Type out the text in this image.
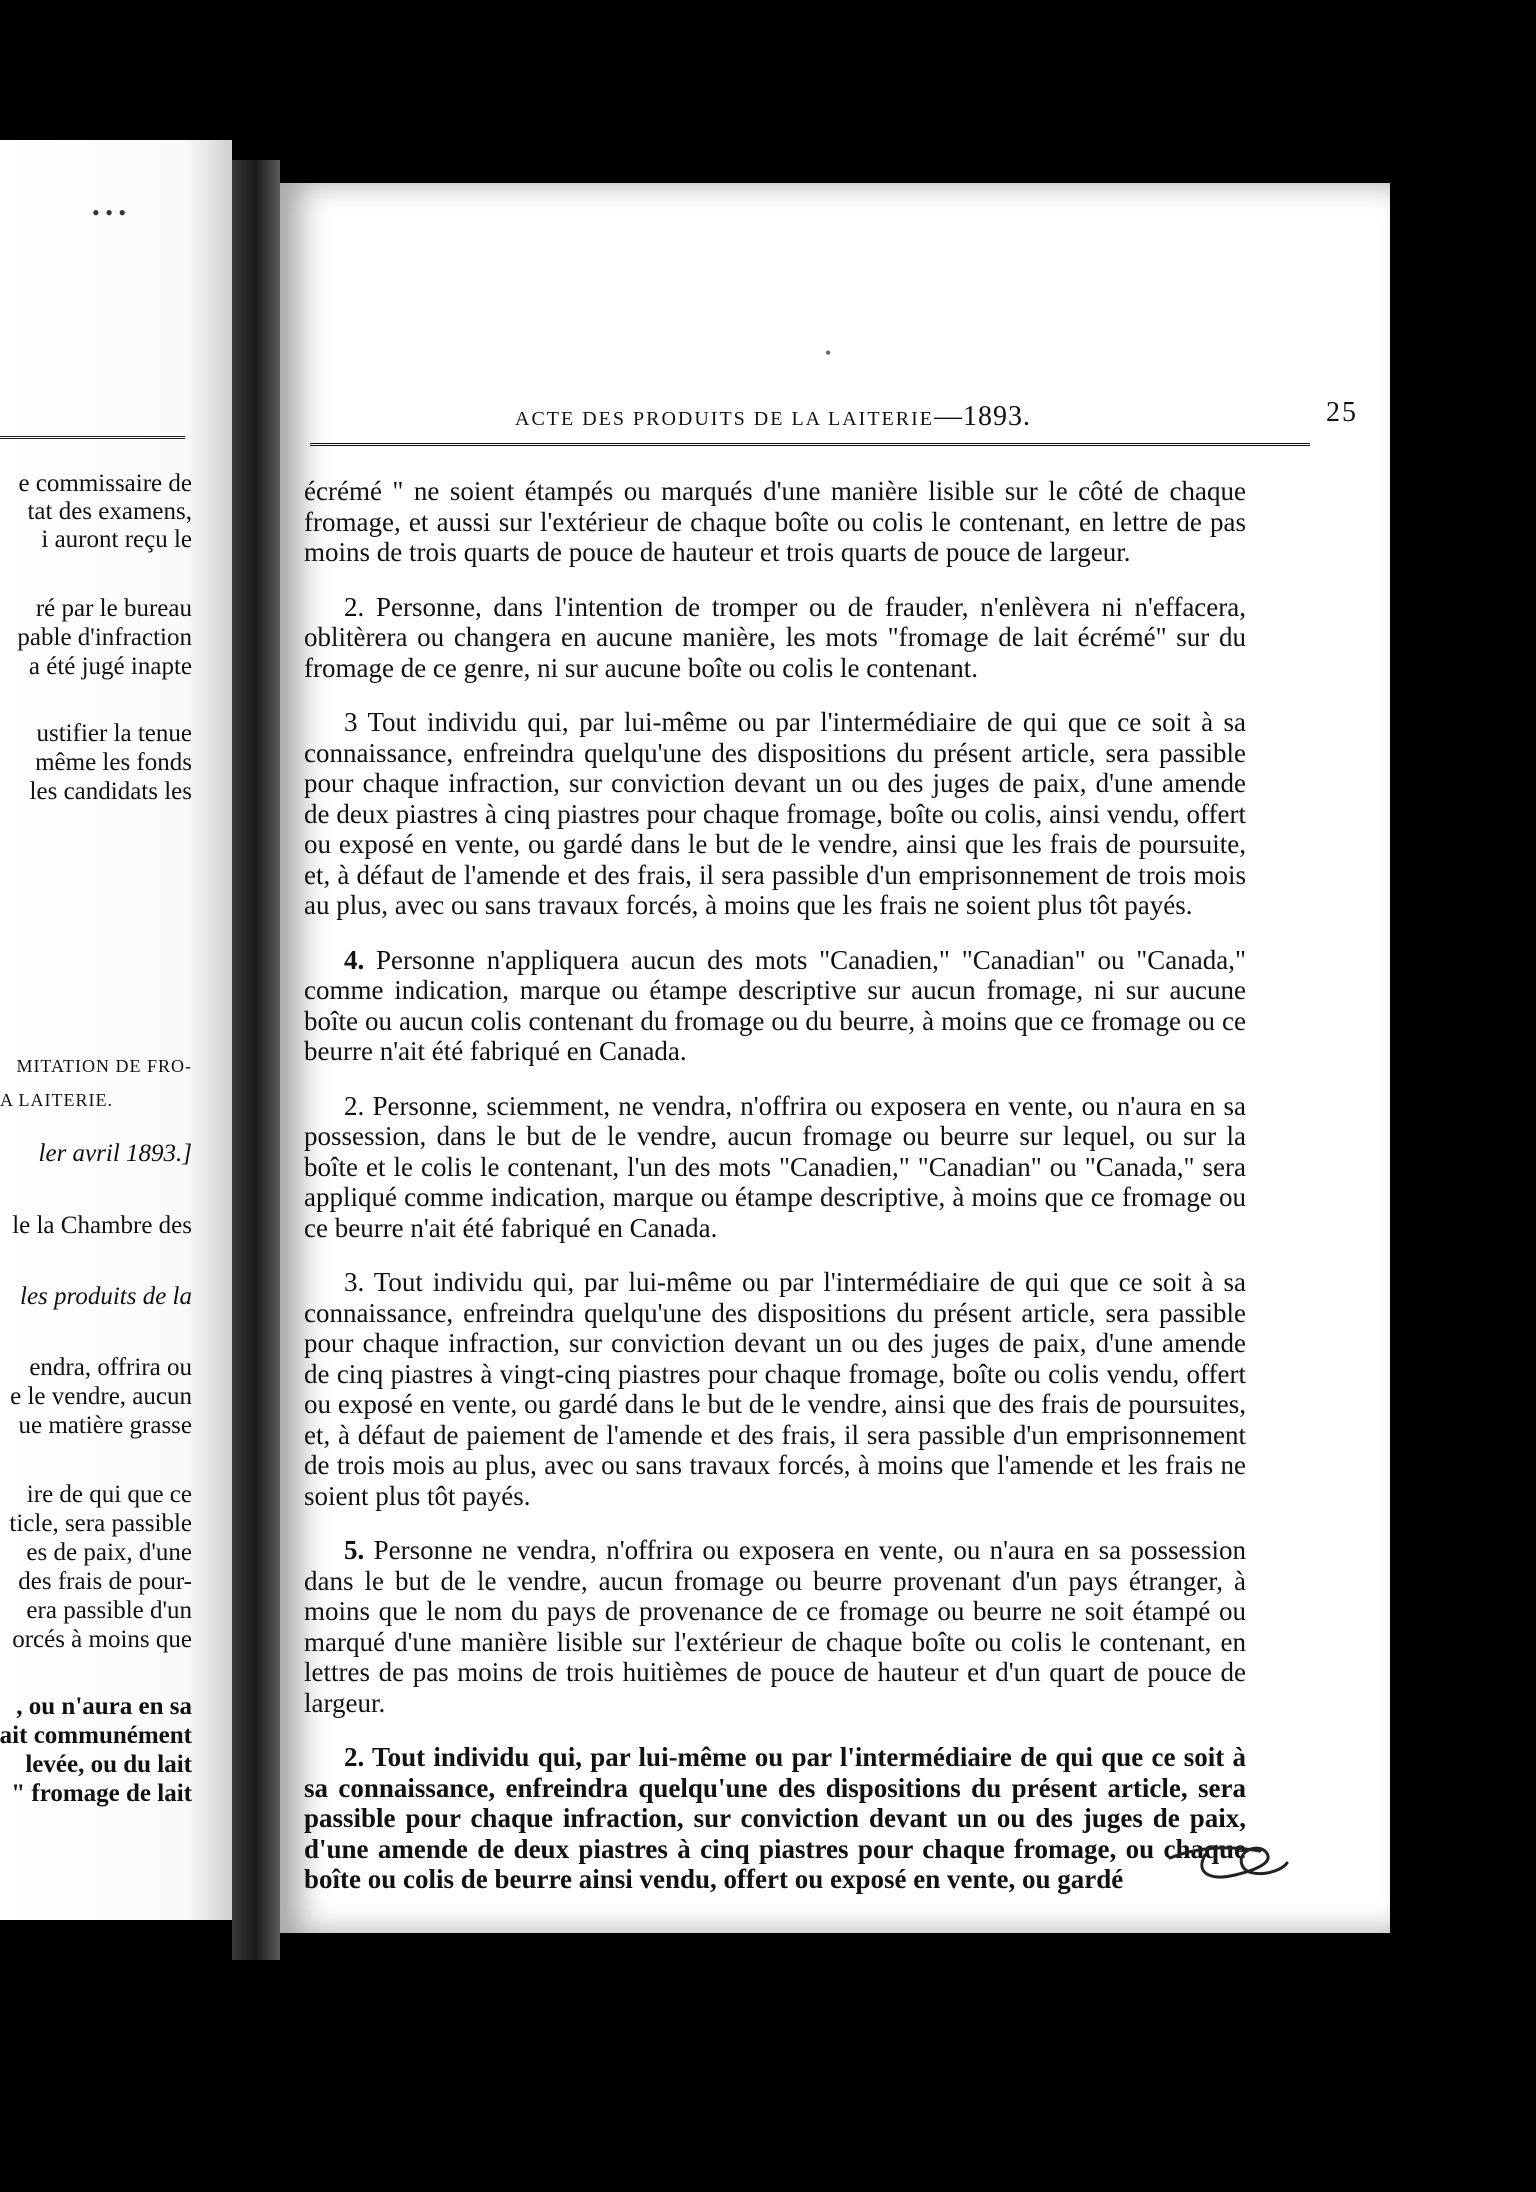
• • •
e commissaire de
tat des examens,
i auront reçu le
ré par le bureau
pable d'infraction
a été jugé inapte
ustifier la tenue
même les fonds
les candidats les
MITATION DE FRO-
A LAITERIE.
ler avril 1893.]
le la Chambre des
les produits de la
endra, offrira ou
e le vendre, aucun
ue matière grasse
ire de qui que ce
ticle, sera passible
es de paix, d'une
des frais de pour-
era passible d'un
orcés à moins que
, ou n'aura en sa
ait communément
levée, ou du lait
" fromage de lait
•
ACTE DES PRODUITS DE LA LAITERIE—1893.	25

écrémé " ne soient étampés ou marqués d'une manière lisible sur le côté de chaque fromage, et aussi sur l'extérieur de chaque boîte ou colis le contenant, en lettre de pas moins de trois quarts de pouce de hauteur et trois quarts de pouce de largeur.

2. Personne, dans l'intention de tromper ou de frauder, n'enlèvera ni n'effacera, oblitèrera ou changera en aucune manière, les mots "fromage de lait écrémé" sur du fromage de ce genre, ni sur aucune boîte ou colis le contenant.

3 Tout individu qui, par lui-même ou par l'intermédiaire de qui que ce soit à sa connaissance, enfreindra quelqu'une des dispositions du présent article, sera passible pour chaque infraction, sur conviction devant un ou des juges de paix, d'une amende de deux piastres à cinq piastres pour chaque fromage, boîte ou colis, ainsi vendu, offert ou exposé en vente, ou gardé dans le but de le vendre, ainsi que les frais de poursuite, et, à défaut de l'amende et des frais, il sera passible d'un emprisonnement de trois mois au plus, avec ou sans travaux forcés, à moins que les frais ne soient plus tôt payés.

4. Personne n'appliquera aucun des mots "Canadien," "Canadian" ou "Canada," comme indication, marque ou étampe descriptive sur aucun fromage, ni sur aucune boîte ou aucun colis contenant du fromage ou du beurre, à moins que ce fromage ou ce beurre n'ait été fabriqué en Canada.

2. Personne, sciemment, ne vendra, n'offrira ou exposera en vente, ou n'aura en sa possession, dans le but de le vendre, aucun fromage ou beurre sur lequel, ou sur la boîte et le colis le contenant, l'un des mots "Canadien," "Canadian" ou "Canada," sera appliqué comme indication, marque ou étampe descriptive, à moins que ce fromage ou ce beurre n'ait été fabriqué en Canada.

3. Tout individu qui, par lui-même ou par l'intermédiaire de qui que ce soit à sa connaissance, enfreindra quelqu'une des dispositions du présent article, sera passible pour chaque infraction, sur conviction devant un ou des juges de paix, d'une amende de cinq piastres à vingt-cinq piastres pour chaque fromage, boîte ou colis vendu, offert ou exposé en vente, ou gardé dans le but de le vendre, ainsi que des frais de poursuites, et, à défaut de paiement de l'amende et des frais, il sera passible d'un emprisonnement de trois mois au plus, avec ou sans travaux forcés, à moins que l'amende et les frais ne soient plus tôt payés.

5. Personne ne vendra, n'offrira ou exposera en vente, ou n'aura en sa possession dans le but de le vendre, aucun fromage ou beurre provenant d'un pays étranger, à moins que le nom du pays de provenance de ce fromage ou beurre ne soit étampé ou marqué d'une manière lisible sur l'extérieur de chaque boîte ou colis le contenant, en lettres de pas moins de trois huitièmes de pouce de hauteur et d'un quart de pouce de largeur.

2. Tout individu qui, par lui-même ou par l'intermédiaire de qui que ce soit à sa connaissance, enfreindra quelqu'une des dispositions du présent article, sera passible pour chaque infraction, sur conviction devant un ou des juges de paix, d'une amende de deux piastres à cinq piastres pour chaque fromage, ou chaque boîte ou colis de beurre ainsi vendu, offert ou exposé en vente, ou gardé
